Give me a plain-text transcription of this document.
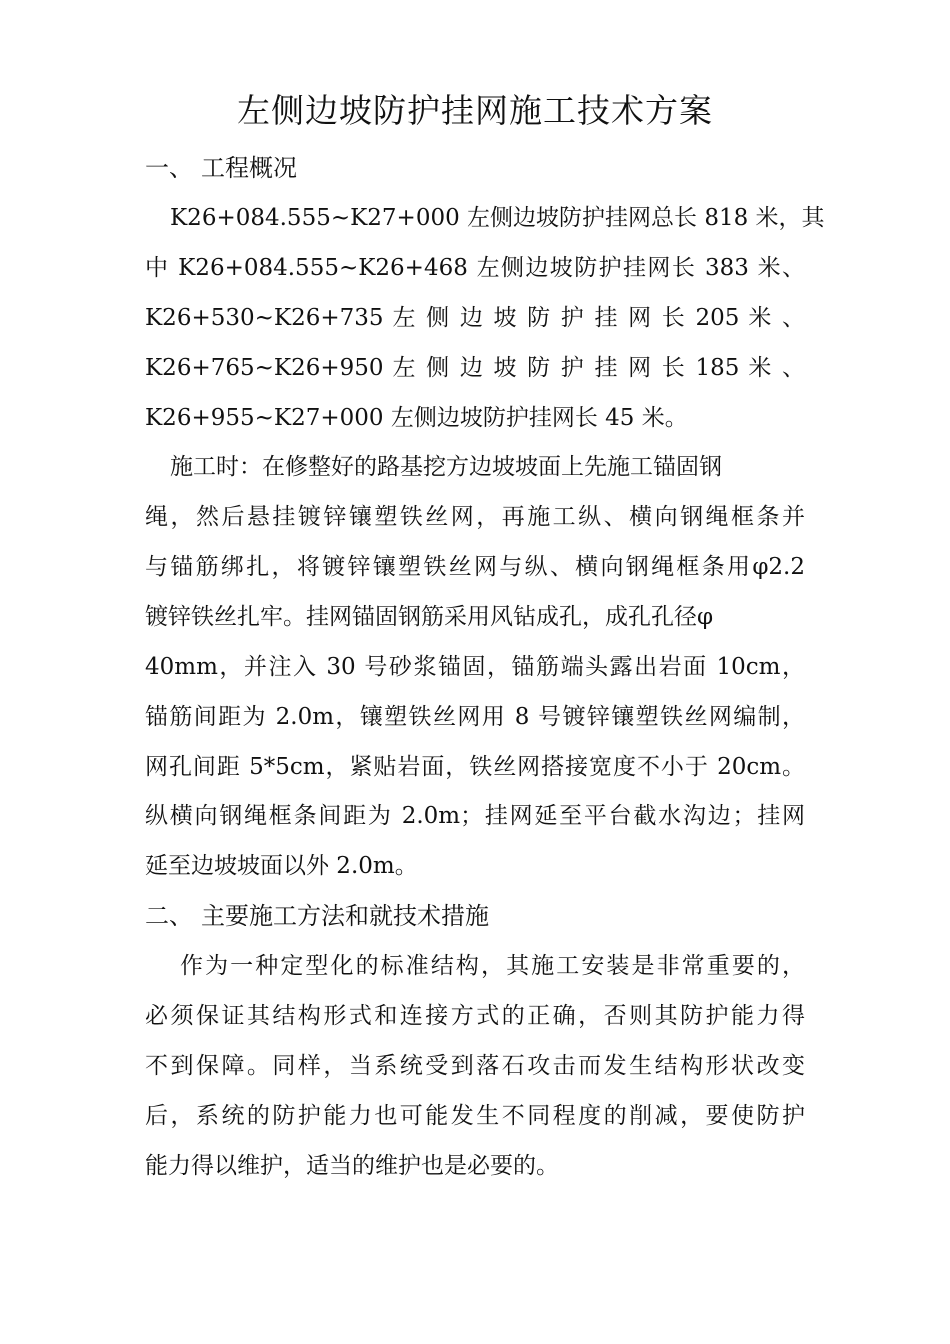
左侧边坡防护挂网施工技术方案
一、 工程概况
K26+084.555~K27+000 左侧边坡防护挂网总长 818 米，其
中 K26+084.555~K26+468 左侧边坡防护挂网长 383 米、
K26+530~K26+735 左 侧 边 坡 防 护 挂 网 长 205 米 、
K26+765~K26+950 左 侧 边 坡 防 护 挂 网 长 185 米 、
K26+955~K27+000 左侧边坡防护挂网长 45 米。
施工时：在修整好的路基挖方边坡坡面上先施工锚固钢
绳，然后悬挂镀锌镶塑铁丝网，再施工纵、横向钢绳框条并
与锚筋绑扎，将镀锌镶塑铁丝网与纵、横向钢绳框条用φ2.2
镀锌铁丝扎牢。挂网锚固钢筋采用风钻成孔，成孔孔径φ
40mm，并注入 30 号砂浆锚固，锚筋端头露出岩面 10cm，
锚筋间距为 2.0m，镶塑铁丝网用 8 号镀锌镶塑铁丝网编制，
网孔间距 5*5cm，紧贴岩面，铁丝网搭接宽度不小于 20cm。
纵横向钢绳框条间距为 2.0m；挂网延至平台截水沟边；挂网
延至边坡坡面以外 2.0m。
二、 主要施工方法和就技术措施
作为一种定型化的标准结构，其施工安装是非常重要的，
必须保证其结构形式和连接方式的正确，否则其防护能力得
不到保障。同样，当系统受到落石攻击而发生结构形状改变
后，系统的防护能力也可能发生不同程度的削减，要使防护
能力得以维护，适当的维护也是必要的。
